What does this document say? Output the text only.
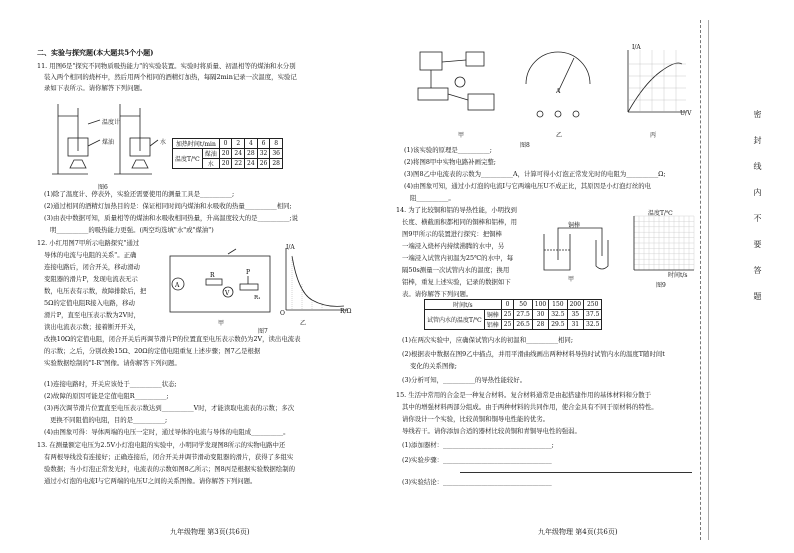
二、实验与探究题(本大题共5个小题)
11. 用图6是"探究不同物质吸热能力"的实验装置。实验时将质量、初温相等的煤油和水分别
装入两个相同的烧杯中，然后用两个相同的酒精灯加热，每隔2min记录一次温度，实验记
录如下表所示。请你解答下列问题。
温度计
煤油	水
图6
加热时间t/min		0	2	4	6	8
温度T/℃	煤油	20	24	28	32	36
	水	20	22	24	26	28
(1)除了温度计、停表外，实验还需要使用的测量工具是__________;
(2)通过相同的酒精灯加热目的是：保证相同时间内煤油和水吸收的热量__________相同;
(3)由表中数据可知，质量相等的煤油和水吸收相同热量，升高温度较大的是__________;说
明__________的吸热能力更强。(两空均选填"水"或"煤油")
12. 小红用图7甲所示电路探究"通过
导体的电流与电阻的关系"。正确
连接电路后，闭合开关，移动滑动
变阻器的滑片P，发现电流表无示
数，电压表有示数，故障排除后，把
5Ω的定值电阻R接入电路，移动
滑片P，直至电压表示数为2V时，
读出电流表示数；接着断开开关，
改换10Ω的定值电阻，闭合开关后再调节滑片P的位置直至电压表示数仍为2V，读出电流表
的示数；之后，分别改换15Ω、20Ω的定值电阻重复上述步骤；图7乙是根据
实验数据绘制的"I-R"图像。请你解答下列问题。
A
V
R	P
R₁
甲
I/A
R/Ω
O
乙
图7
(1)连接电路时，开关应该处于__________状态;
(2)故障的原因可能是定值电阻R__________;
(3)再次调节滑片位置直至电压表示数达到__________V时，才能读取电流表的示数；多次
更换不同阻值的电阻，目的是__________;
(4)由图象可得：导体两端的电压一定时，通过导体的电流与导体的电阻成__________。
13. 在测量额定电压为2.5V小灯泡电阻的实验中，小明同学发现图8所示的实物电路中还
有两根导线没有连接好；正确连接后，闭合开关并调节滑动变阻器的滑片，获得了多组实
验数据；当小灯泡正常发光时，电流表的示数如图8乙所示；图8丙是根据实验数据绘制的
通过小灯泡的电流I与它两端的电压U之间的关系图像。请你解答下列问题。
九年级物理 第3页(共6页)
甲
A
乙
图8
I/A
U/V
丙
(1)该实验的原理是__________;
(2)将图8甲中实物电路补画完整;
(3)图8乙中电流表的示数为__________A，计算可得小灯泡正常发光时的电阻为__________Ω;
(4)由图象可知，通过小灯泡的电流I与它两端电压U不成正比，其原因是小灯泡灯丝的电
阻__________。
14. 为了比较铜和铝的导热性能，小明找到
长度、横截面积都相同的铜棒和铝棒，用
图9甲所示的装置进行探究：把铜棒
一端浸入烧杯内持续沸腾的水中，另
一端浸入试管内初温为25℃的水中，每
隔50s测量一次试管内水的温度；换用
铝棒，重复上述实验，记录的数据如下
表。请你解答下列问题。
铜棒
甲
温度T/℃
时间t/s
图9
时间t/s		0	50	100	150	200	250
试管内水的温度T/℃	铜棒	25	27.5	30	32.5	35	37.5
	铝棒	25	26.5	28	29.5	31	32.5
(1)在两次实验中，应确保试管内水的初温和__________相同;
(2)根据表中数据在图9乙中描点，并用平滑曲线画出两种材料导热时试管内水的温度T随时间t
变化的关系图像;
(3)分析可知，__________的导热性能较好。
15. 生活中常用的合金是一种复合材料。复合材料通常是由起搭建作用的基体材料和分散于
其中的增强材料两部分组成。由于两种材料的共同作用，使合金具有不同于原材料的特性。
请你设计一个实验，比较黄铜和铜导电性能的优劣。
导线若干。请你添加合适的器材比较黄铜和青铜导电性的强弱。
(1)添加器材：__________________________________;
(2)实验步骤：__________________________________
(3)实验结论：__________________________________
九年级物理 第4页(共6页)
密封线内不要答题
